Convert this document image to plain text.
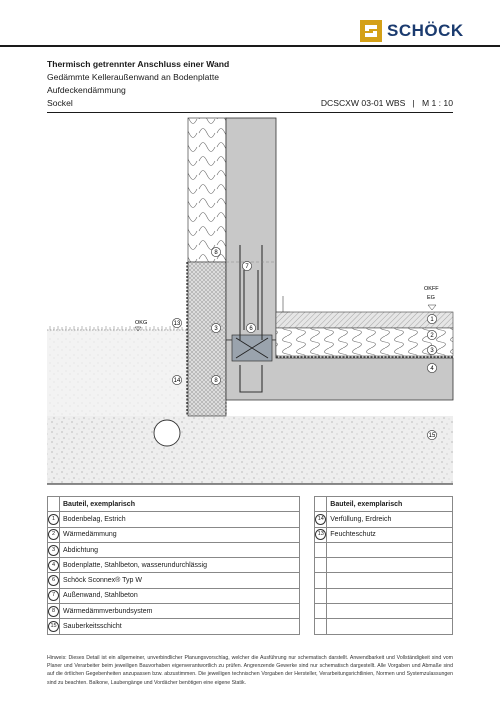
SCHÖCK
Thermisch getrennter Anschluss einer Wand
Gedämmte Kelleraußenwand an Bodenplatte
Aufdeckendämmung
Sockel	DCSCXW 03-01 WBS | M 1 : 10
OKG
OKFF
EG
8
7
13
3	6
14	8
1
2
3
4
15
	Bauteil, exemplarisch			Bauteil, exemplarisch
1	Bodenbelag, Estrich		14	Verfüllung, Erdreich
2	Wärmedämmung		13	Feuchteschutz
3	Abdichtung			
4	Bodenplatte, Stahlbeton, wasserundurchlässig			
6	Schöck Sconnex® Typ W			
7	Außenwand, Stahlbeton			
8	Wärmedämmverbundsystem			
15	Sauberkeitsschicht			
Hinweis: Dieses Detail ist ein allgemeiner, unverbindlicher Planungsvorschlag, welcher die Ausführung nur schematisch darstellt. Anwendbarkeit und Vollständigkeit sind vom Planer und Verarbeiter beim jeweiligen Bauvorhaben eigenverantwortlich zu prüfen. Angrenzende Gewerke sind nur schematisch dargestellt. Alle Vorgaben und Abmaße sind auf die örtlichen Gegebenheiten anzupassen bzw. abzustimmen. Die jeweiligen technischen Vorgaben der Hersteller, Verarbeitungsrichtlinien, Normen und Systemzulassungen sind zu beachten. Balkone, Laubengänge und Vordächer benötigen eine eigene Statik.
